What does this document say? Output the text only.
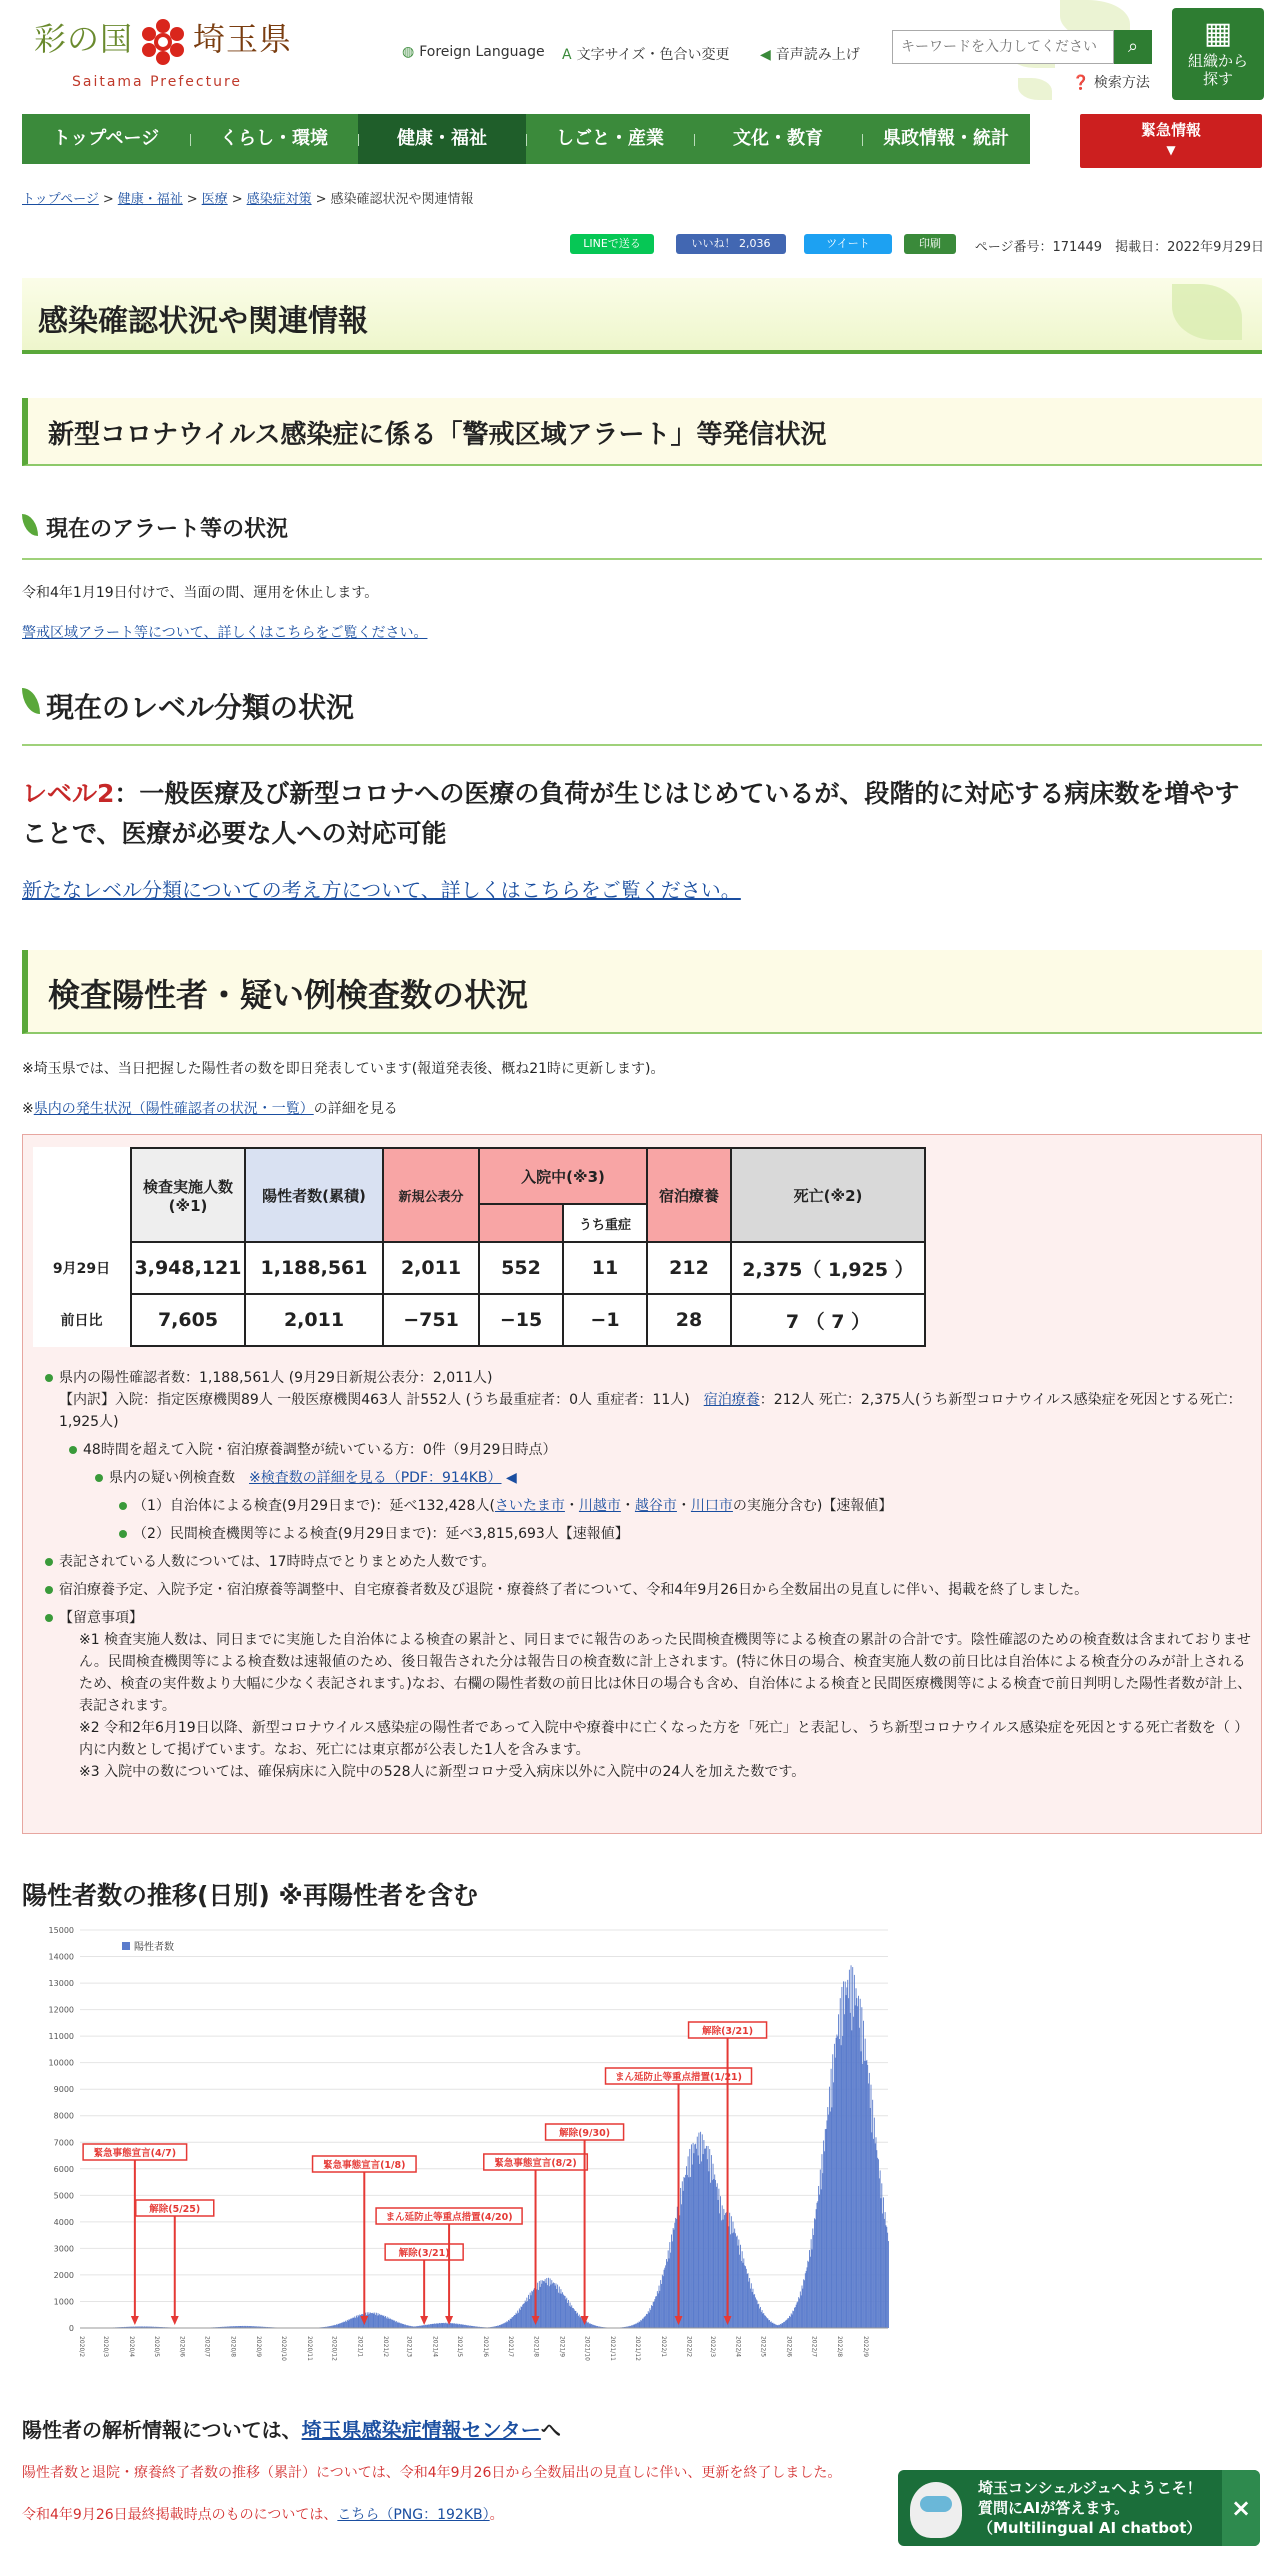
彩の国 埼玉県
Saitama Prefecture
◍ Foreign Language A 文字サイズ・色合い変更 ◀ 音声読み上げ
キーワードを入力してください	⌕
❓ 検索方法
▦
組織から
探す
トップページ	くらし・環境	健康・福祉	しごと・産業	文化・教育	県政情報・統計	緊急情報
▼
トップページ > 健康・福祉 > 医療 > 感染症対策 > 感染確認状況や関連情報
LINEで送る	いいね！ 2,036	ツイート	印刷	ページ番号：171449　 掲載日：2022年9月29日
感染確認状況や関連情報
新型コロナウイルス感染症に係る「警戒区域アラート」等発信状況
現在のアラート等の状況
令和4年1月19日付けで、当面の間、運用を休止します。
警戒区域アラート等について、詳しくはこちらをご覧ください。
現在のレベル分類の状況
レベル2：一般医療及び新型コロナへの医療の負荷が生じはじめているが、段階的に対応する病床数を増やすことで、医療が必要な人への対応可能
新たなレベル分類についての考え方について、詳しくはこちらをご覧ください。
検査陽性者・疑い例検査数の状況
※埼玉県では、当日把握した陽性者の数を即日発表しています(報道発表後、概ね21時に更新します)。
※県内の発生状況（陽性確認者の状況・一覧）の詳細を見る
	検査実施人数(※1)	陽性者数(累積)	新規公表分	入院中(※3)		宿泊療養	死亡(※2)
					うち重症		
9月29日	3,948,121	1,188,561	2,011	552	11	212	2,375（ 1,925 ）
前日比	7,605	2,011	−751	−15	−1	28	7 （ 7 ）
県内の陽性確認者数：1,188,561人 (9月29日新規公表分：2,011人)
【内訳】入院：指定医療機関89人 一般医療機関463人 計552人 (うち最重症者：0人 重症者：11人)　 宿泊療養：212人 死亡：2,375人(うち新型コロナウイルス感染症を死因とする死亡：1,925人)
48時間を超えて入院・宿泊療養調整が続いている方：0件（9月29日時点）
県内の疑い例検査数　 ※検査数の詳細を見る（PDF：914KB） ◀
（1）自治体による検査(9月29日まで)：延べ132,428人(さいたま市・川越市・越谷市・川口市の実施分含む)【速報値】
（2）民間検査機関等による検査(9月29日まで)：延べ3,815,693人【速報値】
表記されている人数については、17時時点でとりまとめた人数です。
宿泊療養予定、入院予定・宿泊療養等調整中、自宅療養者数及び退院・療養終了者について、令和4年9月26日から全数届出の見直しに伴い、掲載を終了しました。
【留意事項】
※1 検査実施人数は、同日までに実施した自治体による検査の累計と、同日までに報告のあった民間検査機関等による検査の累計の合計です。陰性確認のための検査数は含まれておりません。民間検査機関等による検査数は速報値のため、後日報告された分は報告日の検査数に計上されます。(特に休日の場合、検査実施人数の前日比は自治体による検査分のみが計上されるため、検査の実件数より大幅に少なく表記されます。)なお、右欄の陽性者数の前日比は休日の場合も含め、自治体による検査と民間医療機関等による検査で前日判明した陽性者数が計上、表記されます。
※2 令和2年6月19日以降、新型コロナウイルス感染症の陽性者であって入院中や療養中に亡くなった方を「死亡」と表記し、うち新型コロナウイルス感染症を死因とする死亡者数を（ ）内に内数として掲げています。なお、死亡には東京都が公表した1人を含みます。
※3 入院中の数については、確保病床に入院中の528人に新型コロナ受入病床以外に入院中の24人を加えた数です。
陽性者数の推移(日別) ※再陽性者を含む
0
1000
2000
3000
4000
5000
6000
7000
8000
9000
10000
11000
12000
13000
14000
15000
陽性者数
2020/2	2020/3	2020/4	2020/5	2020/6	2020/7	2020/8	2020/9	2020/10	2020/11	2020/12	2021/1	2021/2	2021/3	2021/4	2021/5	2021/6	2021/7	2021/8	2021/9	2021/10	2021/11	2021/12	2022/1	2022/2	2022/3	2022/4	2022/5	2022/6	2022/7	2022/8	2022/9
緊急事態宣言(4/7)
解除(5/25)
緊急事態宣言(1/8)
解除(3/21)
まん延防止等重点措置(4/20)
緊急事態宣言(8/2)
解除(9/30)
まん延防止等重点措置(1/21)
解除(3/21)
陽性者の解析情報については、埼玉県感染症情報センターへ
陽性者数と退院・療養終了者数の推移（累計）については、令和4年9月26日から全数届出の見直しに伴い、更新を終了しました。
令和4年9月26日最終掲載時点のものについては、こちら（PNG：192KB）。
埼玉コンシェルジュへようこそ！
質問にAIが答えます。
（Multilingual AI chatbot）
×
